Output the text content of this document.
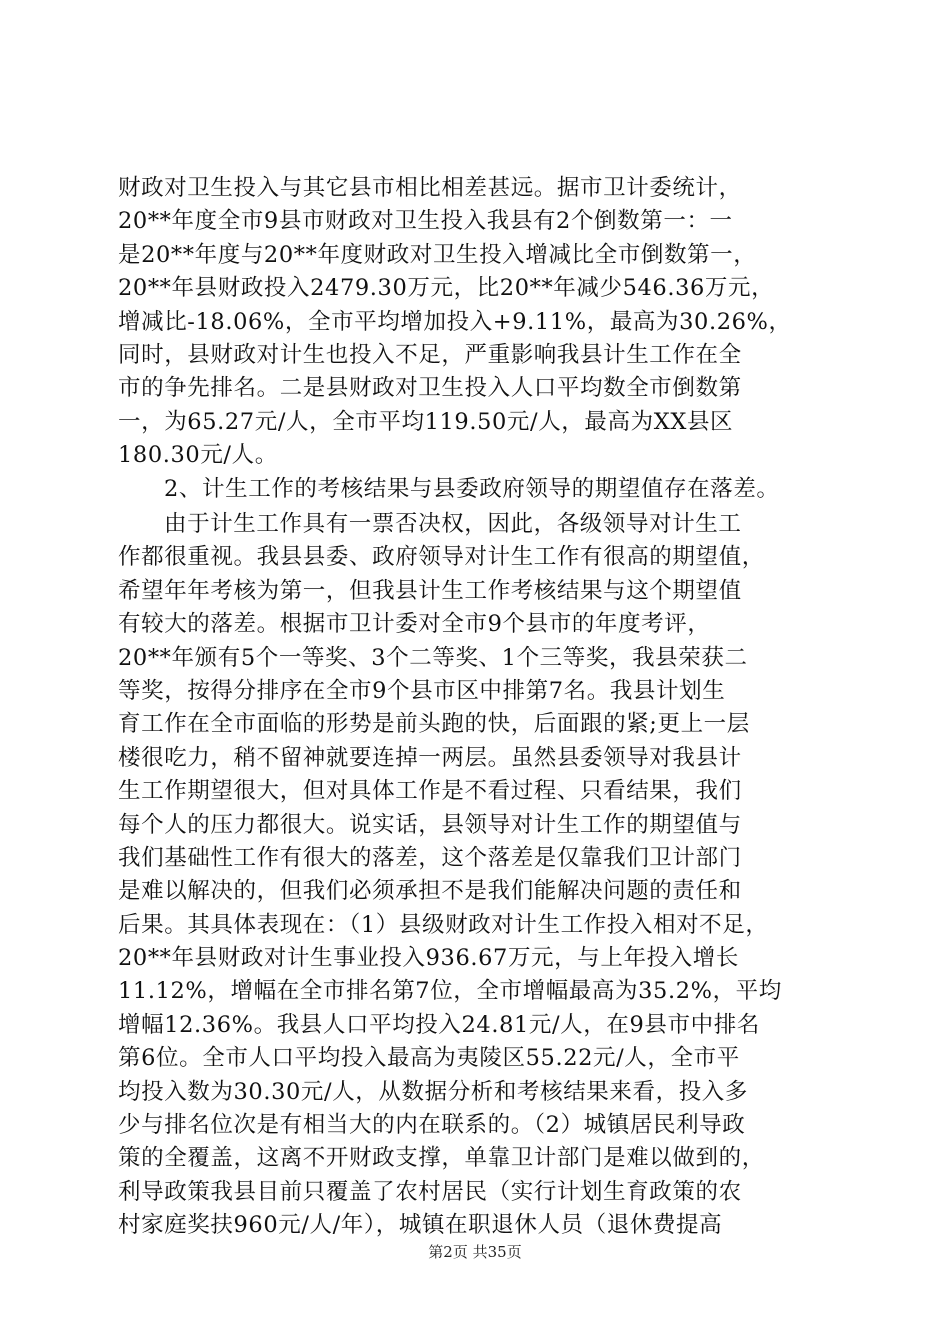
财政对卫生投入与其它县市相比相差甚远。据市卫计委统计，
20**年度全市9县市财政对卫生投入我县有2个倒数第一：一
是20**年度与20**年度财政对卫生投入增减比全市倒数第一，
20**年县财政投入2479.30万元，比20**年减少546.36万元，
增减比-18.06%，全市平均增加投入+9.11%，最高为30.26%，
同时，县财政对计生也投入不足，严重影响我县计生工作在全
市的争先排名。二是县财政对卫生投入人口平均数全市倒数第
一，为65.27元/人，全市平均119.50元/人，最高为XX县区
180.30元/人。
2、计生工作的考核结果与县委政府领导的期望值存在落差。
由于计生工作具有一票否决权，因此，各级领导对计生工
作都很重视。我县县委、政府领导对计生工作有很高的期望值，
希望年年考核为第一，但我县计生工作考核结果与这个期望值
有较大的落差。根据市卫计委对全市9个县市的年度考评，
20**年颁有5个一等奖、3个二等奖、1个三等奖，我县荣获二
等奖，按得分排序在全市9个县市区中排第7名。我县计划生
育工作在全市面临的形势是前头跑的快，后面跟的紧;更上一层
楼很吃力，稍不留神就要连掉一两层。虽然县委领导对我县计
生工作期望很大，但对具体工作是不看过程、只看结果，我们
每个人的压力都很大。说实话，县领导对计生工作的期望值与
我们基础性工作有很大的落差，这个落差是仅靠我们卫计部门
是难以解决的，但我们必须承担不是我们能解决问题的责任和
后果。其具体表现在：（1）县级财政对计生工作投入相对不足，
20**年县财政对计生事业投入936.67万元，与上年投入增长
11.12%，增幅在全市排名第7位，全市增幅最高为35.2%，平均
增幅12.36%。我县人口平均投入24.81元/人，在9县市中排名
第6位。全市人口平均投入最高为夷陵区55.22元/人，全市平
均投入数为30.30元/人，从数据分析和考核结果来看，投入多
少与排名位次是有相当大的内在联系的。（2）城镇居民利导政
策的全覆盖，这离不开财政支撑，单靠卫计部门是难以做到的，
利导政策我县目前只覆盖了农村居民（实行计划生育政策的农
村家庭奖扶960元/人/年），城镇在职退休人员（退休费提高
第2页 共35页
